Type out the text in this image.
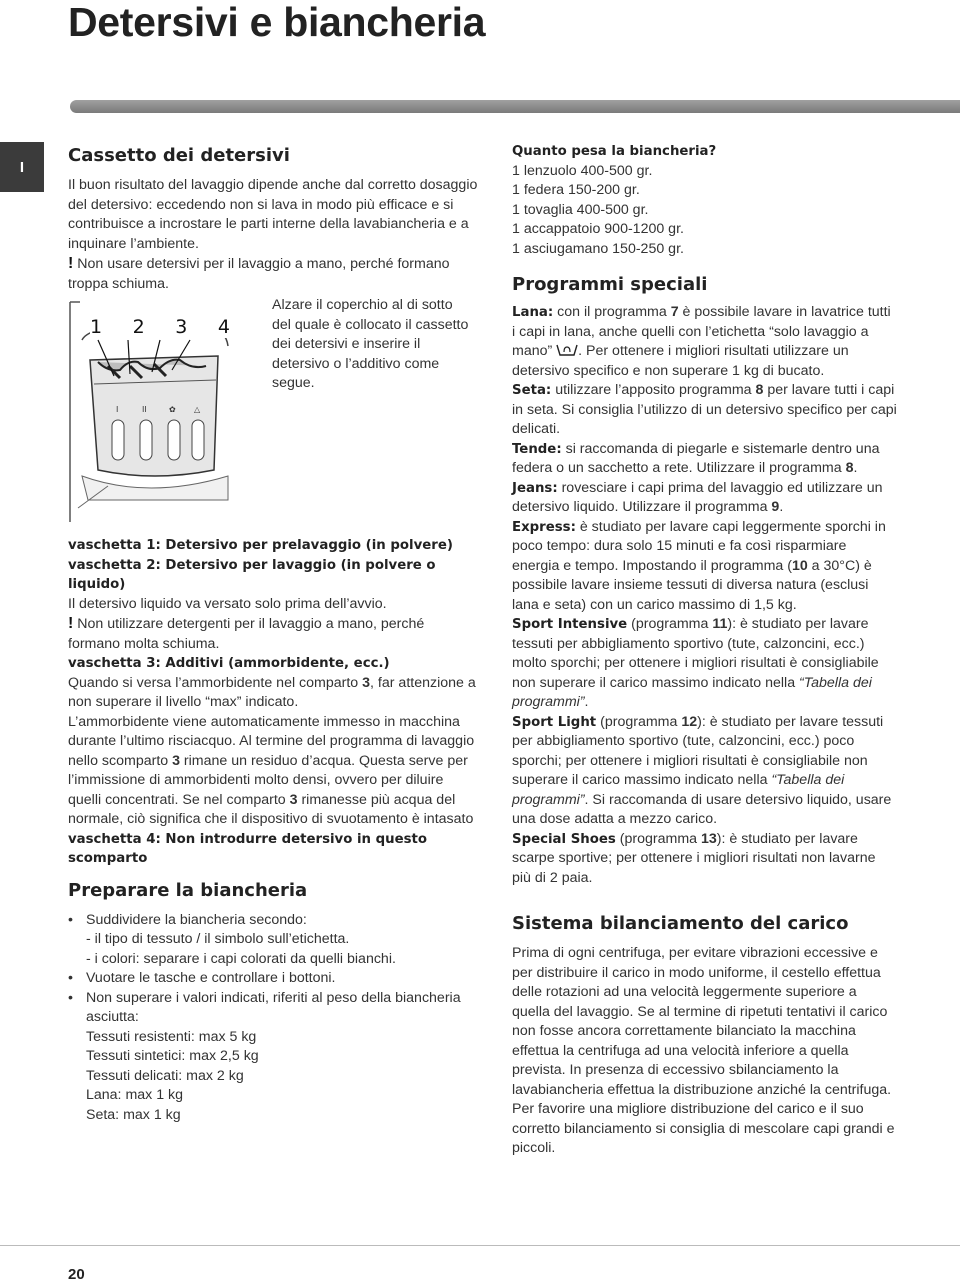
Detersivi e biancheria
I
Cassetto dei detersivi
Il buon risultato del lavaggio dipende anche dal corretto dosaggio del detersivo: eccedendo non si lava in modo più efficace e si contribuisce a incrostare le parti interne della lavabiancheria e a inquinare l’ambiente.
! Non usare detersivi per il lavaggio a mano, perché formano troppa schiuma.
I	II	✿ △
1 2 3 4
Alzare il coperchio al di sotto del quale è collocato il cassetto dei detersivi e inserire il detersivo o l’additivo come segue.
vaschetta 1: Detersivo per prelavaggio (in polvere)
vaschetta 2: Detersivo per lavaggio (in polvere o liquido)
Il detersivo liquido va versato solo prima dell’avvio.
! Non utilizzare detergenti per il lavaggio a mano, perché formano molta schiuma.
vaschetta 3: Additivi (ammorbidente, ecc.)
Quando si versa l’ammorbidente nel comparto 3, far attenzione a non superare il livello “max” indicato.
L’ammorbidente viene automaticamente immesso in macchina durante l’ultimo risciacquo. Al termine del programma di lavaggio nello scomparto 3 rimane un residuo d’acqua. Questa serve per l’immissione di ammorbidenti molto densi, ovvero per diluire quelli concentrati. Se nel comparto 3 rimanesse più acqua del normale, ciò significa che il dispositivo di svuotamento è intasato
vaschetta 4: Non introdurre detersivo in questo scomparto
Preparare la biancheria
• Suddividere la biancheria secondo:
- il tipo di tessuto / il simbolo sull’etichetta.
- i colori: separare i capi colorati da quelli bianchi.
• Vuotare le tasche e controllare i bottoni.
• Non superare i valori indicati, riferiti al peso della biancheria asciutta:
Tessuti resistenti: max 5 kg
Tessuti sintetici: max 2,5 kg
Tessuti delicati: max 2 kg
Lana: max 1 kg
Seta: max 1 kg
Quanto pesa la biancheria?
1 lenzuolo 400-500 gr.
1 federa 150-200 gr.
1 tovaglia 400-500 gr.
1 accappatoio 900-1200 gr.
1 asciugamano 150-250 gr.
Programmi speciali
Lana: con il programma 7 è possibile lavare in lavatrice tutti i capi in lana, anche quelli con l’etichetta “solo lavaggio a mano” . Per ottenere i migliori risultati utilizzare un detersivo specifico e non superare 1 kg di bucato.
Seta: utilizzare l’apposito programma 8 per lavare tutti i capi in seta. Si consiglia l’utilizzo di un detersivo specifico per capi delicati.
Tende: si raccomanda di piegarle e sistemarle dentro una federa o un sacchetto a rete. Utilizzare il programma 8.
Jeans: rovesciare i capi prima del lavaggio ed utilizzare un detersivo liquido. Utilizzare il programma 9.
Express: è studiato per lavare capi leggermente sporchi in poco tempo: dura solo 15 minuti e fa così risparmiare energia e tempo. Impostando il programma (10 a 30°C) è possibile lavare insieme tessuti di diversa natura (esclusi lana e seta) con un carico massimo di 1,5 kg.
Sport Intensive (programma 11): è studiato per lavare tessuti per abbigliamento sportivo (tute, calzoncini, ecc.) molto sporchi; per ottenere i migliori risultati è consigliabile non superare il carico massimo indicato nella “Tabella dei programmi”.
Sport Light (programma 12): è studiato per lavare tessuti per abbigliamento sportivo (tute, calzoncini, ecc.) poco sporchi; per ottenere i migliori risultati è consigliabile non superare il carico massimo indicato nella “Tabella dei programmi”. Si raccomanda di usare detersivo liquido, usare una dose adatta a mezzo carico.
Special Shoes (programma 13): è studiato per lavare scarpe sportive; per ottenere i migliori risultati non lavarne più di 2 paia.
Sistema bilanciamento del carico
Prima di ogni centrifuga, per evitare vibrazioni eccessive e per distribuire il carico in modo uniforme, il cestello effettua delle rotazioni ad una velocità leggermente superiore a quella del lavaggio. Se al termine di ripetuti tentativi il carico non fosse ancora correttamente bilanciato la macchina effettua la centrifuga ad una velocità inferiore a quella prevista. In presenza di eccessivo sbilanciamento la lavabiancheria effettua la distribuzione anziché la centrifuga. Per favorire una migliore distribuzione del carico e il suo corretto bilanciamento si consiglia di mescolare capi grandi e piccoli.
20
